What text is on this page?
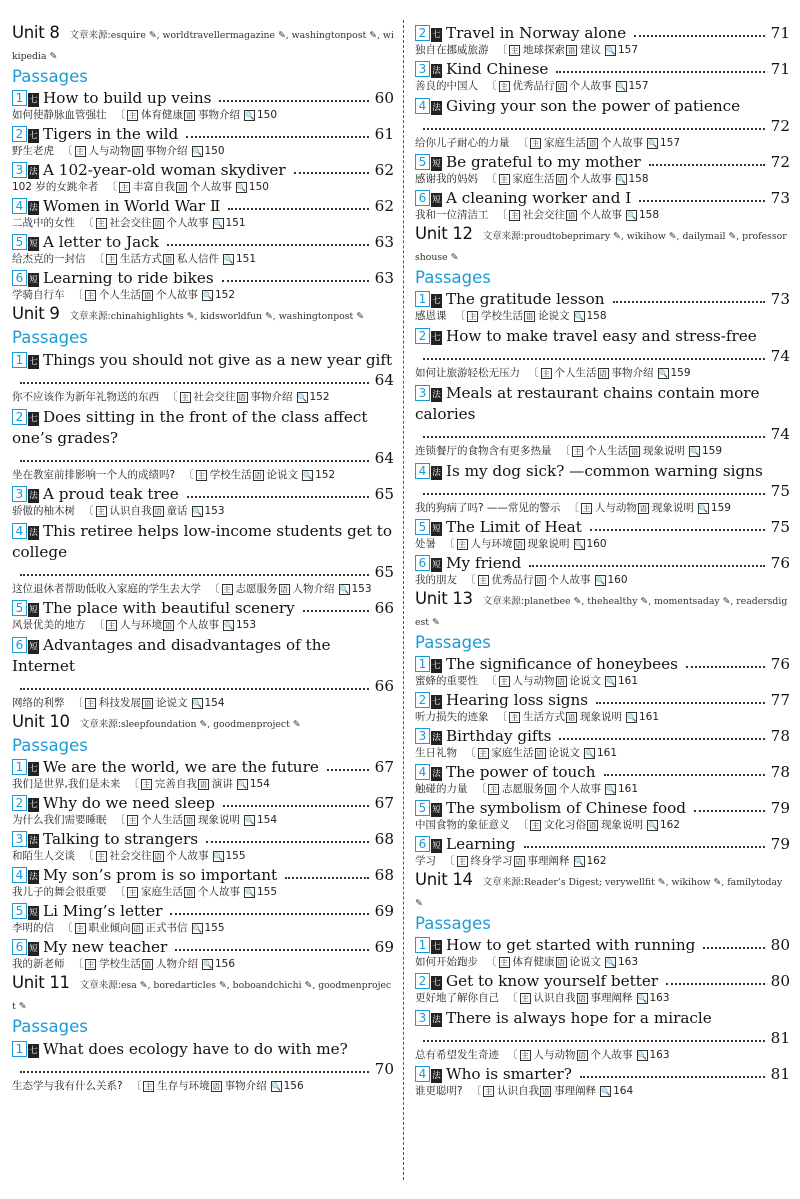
Unit 8 文章来源:esquire ✎, worldtravellermagazine ✎, washingtonpost ✎, wikipedia ✎
Passages
1 七 How to build up veins	60
如何使静脉血管强壮 〔 主 体育健康 语 事物介绍 🔍 150
2 七 Tigers in the wild	61
野生老虎 〔 主 人与动物 语 事物介绍 🔍 150
3 法 A 102-year-old woman skydiver	62
102 岁的女跳伞者 〔 主 丰富自我 语 个人故事 🔍 150
4 法 Women in World War Ⅱ	62
二战中的女性 〔 主 社会交往 语 个人故事 🔍 151
5 短 A letter to Jack	63
给杰克的一封信 〔 主 生活方式 语 私人信件 🔍 151
6 短 Learning to ride bikes	63
学骑自行车 〔 主 个人生活 语 个人故事 🔍 152
Unit 9 文章来源:chinahighlights ✎, kidsworldfun ✎, washingtonpost ✎
Passages
1 七 Things you should not give as a new year gift
64
你不应该作为新年礼物送的东西 〔 主 社会交往 语 事物介绍 🔍 152
2 七 Does sitting in the front of the class affect one’s grades?
64
坐在教室前排影响一个人的成绩吗? 〔 主 学校生活 语 论说文 🔍 152
3 法 A proud teak tree	65
骄傲的柚木树 〔 主 认识自我 语 童话 🔍 153
4 法 This retiree helps low-income students get to college
65
这位退休者帮助低收入家庭的学生去大学 〔 主 志愿服务 语 人物介绍 🔍 153
5 短 The place with beautiful scenery	66
风景优美的地方 〔 主 人与环境 语 个人故事 🔍 153
6 短 Advantages and disadvantages of the Internet
66
网络的利弊 〔 主 科技发展 语 论说文 🔍 154
Unit 10 文章来源:sleepfoundation ✎, goodmenproject ✎
Passages
1 七 We are the world, we are the future	67
我们是世界,我们是未来 〔 主 完善自我 语 演讲 🔍 154
2 七 Why do we need sleep	67
为什么我们需要睡眠 〔 主 个人生活 语 现象说明 🔍 154
3 法 Talking to strangers	68
和陌生人交谈 〔 主 社会交往 语 个人故事 🔍 155
4 法 My son’s prom is so important	68
我儿子的舞会很重要 〔 主 家庭生活 语 个人故事 🔍 155
5 短 Li Ming’s letter	69
李明的信 〔 主 职业倾向 语 正式书信 🔍 155
6 短 My new teacher	69
我的新老师 〔 主 学校生活 语 人物介绍 🔍 156
Unit 11 文章来源:esa ✎, boredarticles ✎, boboandchichi ✎, goodmenproject ✎
Passages
1 七 What does ecology have to do with me?
70
生态学与我有什么关系? 〔 主 生存与环境 语 事物介绍 🔍 156
2 七 Travel in Norway alone	71
独自在挪威旅游 〔 主 地球探索 语 建议 🔍 157
3 法 Kind Chinese	71
善良的中国人 〔 主 优秀品行 语 个人故事 🔍 157
4 法 Giving your son the power of patience
72
给你儿子耐心的力量 〔 主 家庭生活 语 个人故事 🔍 157
5 短 Be grateful to my mother	72
感谢我的妈妈 〔 主 家庭生活 语 个人故事 🔍 158
6 短 A cleaning worker and I	73
我和一位清洁工 〔 主 社会交往 语 个人故事 🔍 158
Unit 12 文章来源:proudtobeprimary ✎, wikihow ✎, dailymail ✎, professorshouse ✎
Passages
1 七 The gratitude lesson	73
感恩课 〔 主 学校生活 语 论说文 🔍 158
2 七 How to make travel easy and stress-free
74
如何让旅游轻松无压力 〔 主 个人生活 语 事物介绍 🔍 159
3 法 Meals at restaurant chains contain more calories
74
连锁餐厅的食物含有更多热量 〔 主 个人生活 语 现象说明 🔍 159
4 法 Is my dog sick? —common warning signs
75
我的狗病了吗? ——常见的警示 〔 主 人与动物 语 现象说明 🔍 159
5 短 The Limit of Heat	75
处暑 〔 主 人与环境 语 现象说明 🔍 160
6 短 My friend	76
我的朋友 〔 主 优秀品行 语 个人故事 🔍 160
Unit 13 文章来源:planetbee ✎, thehealthy ✎, momentsaday ✎, readersdigest ✎
Passages
1 七 The significance of honeybees	76
蜜蜂的重要性 〔 主 人与动物 语 论说文 🔍 161
2 七 Hearing loss signs	77
听力损失的迹象 〔 主 生活方式 语 现象说明 🔍 161
3 法 Birthday gifts	78
生日礼物 〔 主 家庭生活 语 论说文 🔍 161
4 法 The power of touch	78
触碰的力量 〔 主 志愿服务 语 个人故事 🔍 161
5 短 The symbolism of Chinese food	79
中国食物的象征意义 〔 主 文化习俗 语 现象说明 🔍 162
6 短 Learning	79
学习 〔 主 终身学习 语 事理阐释 🔍 162
Unit 14 文章来源:Reader’s Digest; verywellfit ✎, wikihow ✎, familytoday ✎
Passages
1 七 How to get started with running	80
如何开始跑步 〔 主 体育健康 语 论说文 🔍 163
2 七 Get to know yourself better	80
更好地了解你自己 〔 主 认识自我 语 事理阐释 🔍 163
3 法 There is always hope for a miracle
81
总有希望发生奇迹 〔 主 人与动物 语 个人故事 🔍 163
4 法 Who is smarter?	81
谁更聪明? 〔 主 认识自我 语 事理阐释 🔍 164
